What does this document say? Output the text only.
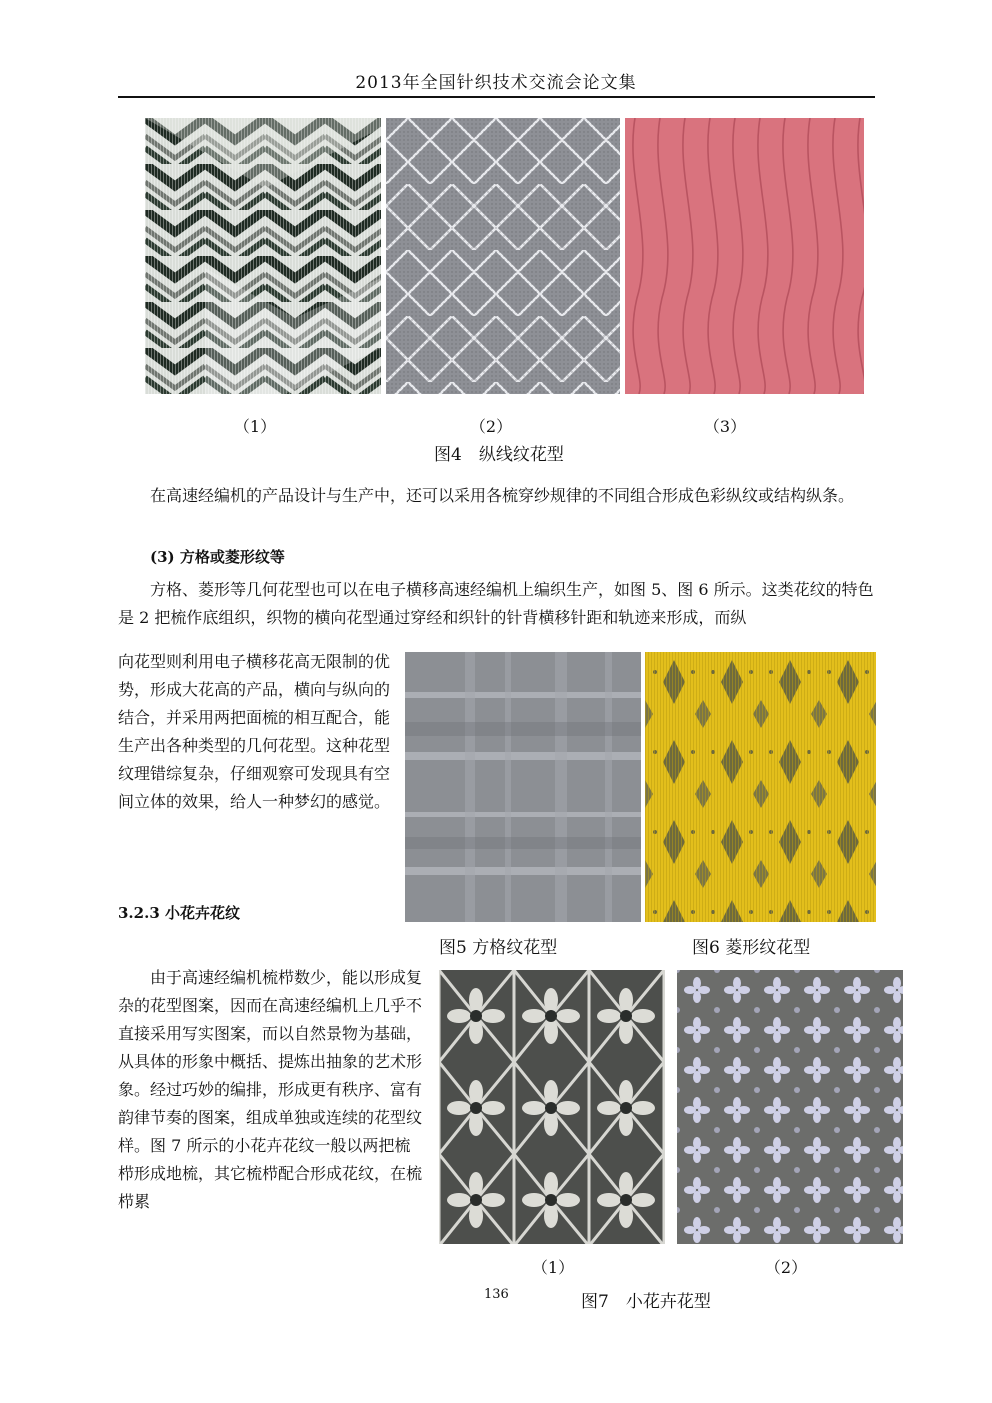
2013年全国针织技术交流会论文集
（1）	（2）	（3）
图4　纵线纹花型
在高速经编机的产品设计与生产中，还可以采用各梳穿纱规律的不同组合形成色彩纵纹或结构纵条。
(3) 方格或菱形纹等
方格、菱形等几何花型也可以在电子横移高速经编机上编织生产，如图 5、图 6 所示。这类花纹的特色是 2 把梳作底组织，织物的横向花型通过穿经和织针的针背横移针距和轨迹来形成，而纵
向花型则利用电子横移花高无限制的优势，形成大花高的产品，横向与纵向的结合，并采用两把面梳的相互配合，能生产出各种类型的几何花型。这种花型纹理错综复杂，仔细观察可发现具有空间立体的效果，给人一种梦幻的感觉。
3.2.3 小花卉花纹
图5 方格纹花型	图6 菱形纹花型
由于高速经编机梳栉数少，能以形成复杂的花型图案，因而在高速经编机上几乎不直接采用写实图案，而以自然景物为基础，从具体的形象中概括、提炼出抽象的艺术形象。经过巧妙的编排，形成更有秩序、富有韵律节奏的图案，组成单独或连续的花型纹样。图 7 所示的小花卉花纹一般以两把梳栉形成地梳，其它梳栉配合形成花纹，在梳栉累
（1）	（2）
136	图7　小花卉花型
